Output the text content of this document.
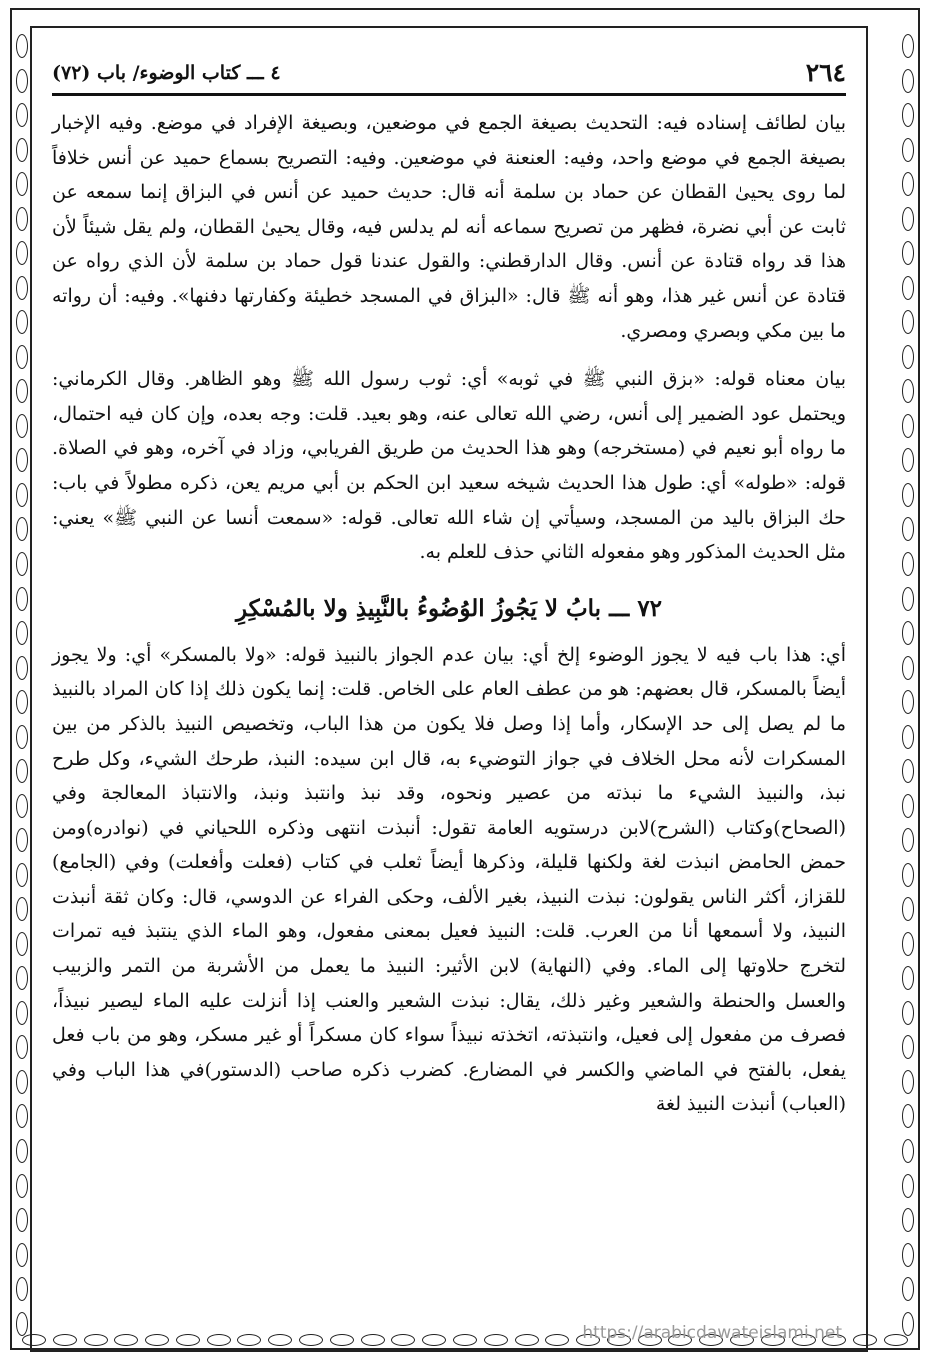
٢٦٤
٤ ـــ كتاب الوضوء/ باب (٧٢)

بيان لطائف إسناده فيه: التحديث بصيغة الجمع في موضعين، وبصيغة الإفراد في موضع. وفيه الإخبار بصيغة الجمع في موضع واحد، وفيه: العنعنة في موضعين. وفيه: التصريح بسماع حميد عن أنس خلافاً لما روى يحيىٰ القطان عن حماد بن سلمة أنه قال: حديث حميد عن أنس في البزاق إنما سمعه عن ثابت عن أبي نضرة، فظهر من تصريح سماعه أنه لم يدلس فيه، وقال يحيىٰ القطان، ولم يقل شيئاً لأن هذا قد رواه قتادة عن أنس. وقال الدارقطني: والقول عندنا قول حماد بن سلمة لأن الذي رواه عن قتادة عن أنس غير هذا، وهو أنه ﷺ قال: «البزاق في المسجد خطيئة وكفارتها دفنها». وفيه: أن رواته ما بين مكي وبصري ومصري.

بيان معناه قوله: «بزق النبي ﷺ في ثوبه» أي: ثوب رسول الله ﷺ وهو الظاهر. وقال الكرماني: ويحتمل عود الضمير إلى أنس، رضي الله تعالى عنه، وهو بعيد. قلت: وجه بعده، وإن كان فيه احتمال، ما رواه أبو نعيم في (مستخرجه) وهو هذا الحديث من طريق الفريابي، وزاد في آخره، وهو في الصلاة. قوله: «طوله» أي: طول هذا الحديث شيخه سعيد ابن الحكم بن أبي مريم يعن، ذكره مطولاً في باب: حك البزاق باليد من المسجد، وسيأتي إن شاء الله تعالى. قوله: «سمعت أنسا عن النبي ﷺ» يعني: مثل الحديث المذكور وهو مفعوله الثاني حذف للعلم به.

٧٢ ـــ بابُ لا يَجُوزُ الوُضُوءُ بالنَّبِيذِ ولا بالمُسْكِرِ

أي: هذا باب فيه لا يجوز الوضوء إلخ أي: بيان عدم الجواز بالنبيذ قوله: «ولا بالمسكر» أي: ولا يجوز أيضاً بالمسكر، قال بعضهم: هو من عطف العام على الخاص. قلت: إنما يكون ذلك إذا كان المراد بالنبيذ ما لم يصل إلى حد الإسكار، وأما إذا وصل فلا يكون من هذا الباب، وتخصيص النبيذ بالذكر من بين المسكرات لأنه محل الخلاف في جواز التوضيء به، قال ابن سيده: النبذ، طرحك الشيء، وكل طرح نبذ، والنبيذ الشيء ما نبذته من عصير ونحوه، وقد نبذ وانتبذ ونبذ، والانتباذ المعالجة وفي (الصحاح)وكتاب (الشرح)لابن درستويه العامة تقول: أنبذت انتهى وذكره اللحياني في (نوادره)ومن حمض الحامض انبذت لغة ولكنها قليلة، وذكرها أيضاً ثعلب في كتاب (فعلت وأفعلت) وفي (الجامع) للقزاز، أكثر الناس يقولون: نبذت النبيذ، بغير الألف، وحكى الفراء عن الدوسي، قال: وكان ثقة أنبذت النبيذ، ولا أسمعها أنا من العرب. قلت: النبيذ فعيل بمعنى مفعول، وهو الماء الذي ينتبذ فيه تمرات لتخرج حلاوتها إلى الماء. وفي (النهاية) لابن الأثير: النبيذ ما يعمل من الأشربة من التمر والزبيب والعسل والحنطة والشعير وغير ذلك، يقال: نبذت الشعير والعنب إذا أنزلت عليه الماء ليصير نبيذاً، فصرف من مفعول إلى فعيل، وانتبذته، اتخذته نبيذاً سواء كان مسكراً أو غير مسكر، وهو من باب فعل يفعل، بالفتح في الماضي والكسر في المضارع. كضرب ذكره صاحب (الدستور)في هذا الباب وفي (العباب) أنبذت النبيذ لغة

https://arabicdawateislami.net
